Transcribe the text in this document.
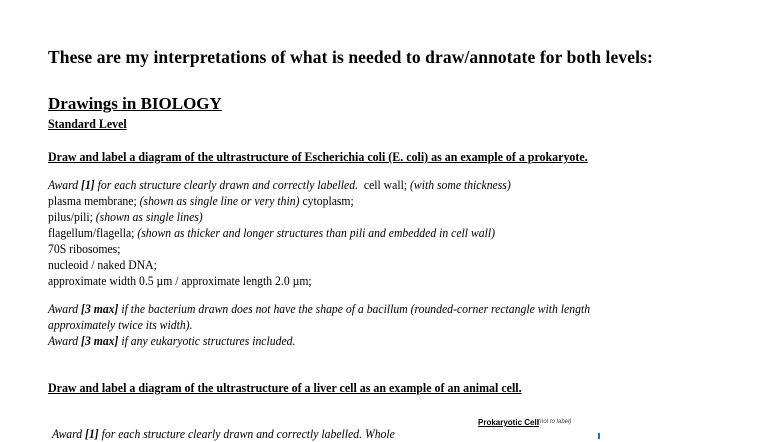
These are my interpretations of what is needed to draw/annotate for both levels:
Drawings in BIOLOGY
Standard Level
Draw and label a diagram of the ultrastructure of Escherichia coli (E. coli) as an example of a prokaryote.
Award [1] for each structure clearly drawn and correctly labelled. cell wall; (with some thickness)
plasma membrane; (shown as single line or very thin) cytoplasm;
pilus/pili; (shown as single lines)
flagellum/flagella; (shown as thicker and longer structures than pili and embedded in cell wall)
70S ribosomes;
nucleoid / naked DNA;
approximate width 0.5 µm / approximate length 2.0 µm;
Award [3 max] if the bacterium drawn does not have the shape of a bacillum (rounded-corner rectangle with length
approximately twice its width).
Award [3 max] if any eukaryotic structures included.
Draw and label a diagram of the ultrastructure of a liver cell as an example of an animal cell.
Award [1] for each structure clearly drawn and correctly labelled. Whole
Prokaryotic Cell (not to label)
